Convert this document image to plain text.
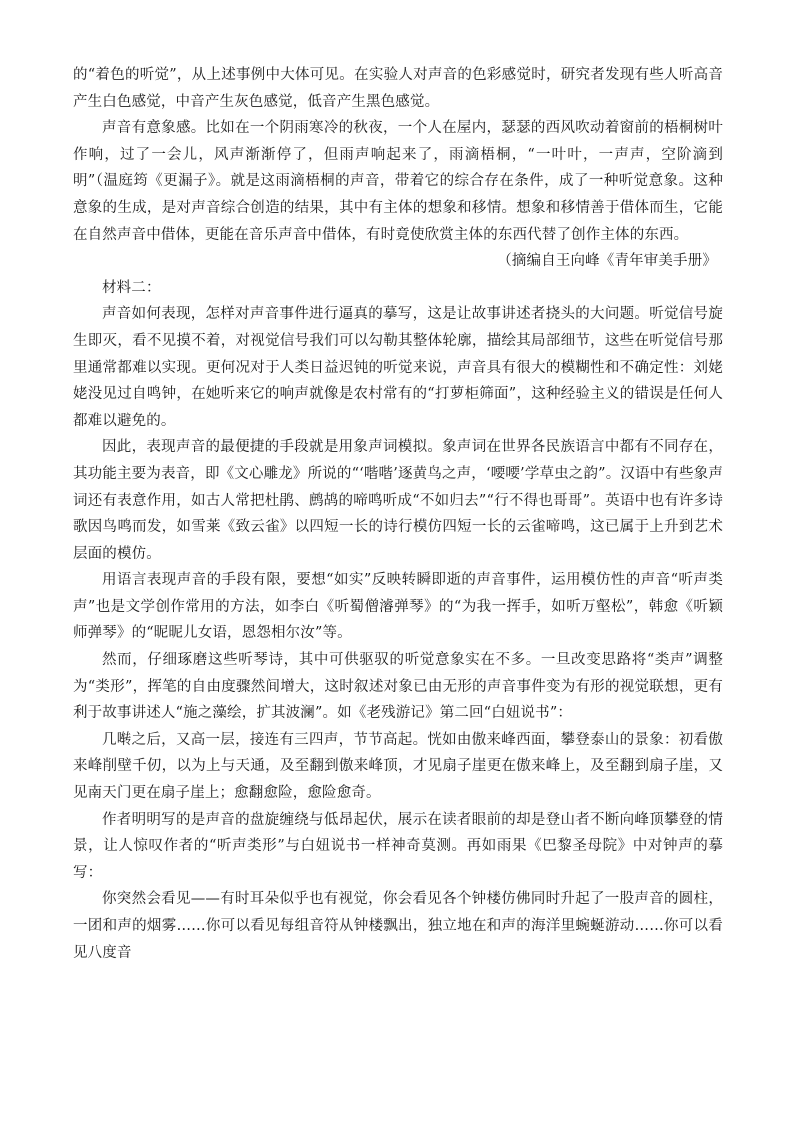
的“着色的听觉”，从上述事例中大体可见。在实验人对声音的色彩感觉时，研究者发现有些人听高音产生白色感觉，中音产生灰色感觉，低音产生黑色感觉。

声音有意象感。比如在一个阴雨寒冷的秋夜，一个人在屋内，瑟瑟的西风吹动着窗前的梧桐树叶作响，过了一会儿，风声渐渐停了，但雨声响起来了，雨滴梧桐，“一叶叶，一声声，空阶滴到明”（温庭筠《更漏子》。就是这雨滴梧桐的声音，带着它的综合存在条件，成了一种听觉意象。这种意象的生成，是对声音综合创造的结果，其中有主体的想象和移情。想象和移情善于借体而生，它能在自然声音中借体，更能在音乐声音中借体，有时竟使欣赏主体的东西代替了创作主体的东西。

（摘编自王向峰《青年审美手册》

材料二：

声音如何表现，怎样对声音事件进行逼真的摹写，这是让故事讲述者挠头的大问题。听觉信号旋生即灭，看不见摸不着，对视觉信号我们可以勾勒其整体轮廓，描绘其局部细节，这些在听觉信号那里通常都难以实现。更何况对于人类日益迟钝的听觉来说，声音具有很大的模糊性和不确定性：刘姥姥没见过自鸣钟，在她听来它的响声就像是农村常有的“打萝柜筛面”，这种经验主义的错误是任何人都难以避免的。

因此，表现声音的最便捷的手段就是用象声词模拟。象声词在世界各民族语言中都有不同存在，其功能主要为表音，即《文心雕龙》所说的“‘喈喈’逐黄鸟之声，‘喓喓’学草虫之韵”。汉语中有些象声词还有表意作用，如古人常把杜鹃、鹧鸪的啼鸣听成“不如归去”“行不得也哥哥”。英语中也有许多诗歌因鸟鸣而发，如雪莱《致云雀》以四短一长的诗行模仿四短一长的云雀啼鸣，这已属于上升到艺术层面的模仿。

用语言表现声音的手段有限，要想“如实”反映转瞬即逝的声音事件，运用模仿性的声音“听声类声”也是文学创作常用的方法，如李白《听蜀僧濬弹琴》的“为我一挥手，如听万壑松”，韩愈《听颖师弹琴》的“昵昵儿女语，恩怨相尔汝”等。

然而，仔细琢磨这些听琴诗，其中可供驱驭的听觉意象实在不多。一旦改变思路将“类声”调整为“类形”，挥笔的自由度骤然间增大，这时叙述对象已由无形的声音事件变为有形的视觉联想，更有利于故事讲述人“施之藻绘，扩其波澜”。如《老残游记》第二回“白妞说书”：

几啭之后，又高一层，接连有三四声，节节高起。恍如由傲来峰西面，攀登泰山的景象：初看傲来峰削壁千仞，以为上与天通，及至翻到傲来峰顶，才见扇子崖更在傲来峰上，及至翻到扇子崖，又见南天门更在扇子崖上；愈翻愈险，愈险愈奇。

作者明明写的是声音的盘旋缠绕与低昂起伏，展示在读者眼前的却是登山者不断向峰顶攀登的情景，让人惊叹作者的“听声类形”与白妞说书一样神奇莫测。再如雨果《巴黎圣母院》中对钟声的摹写：

你突然会看见——有时耳朵似乎也有视觉，你会看见各个钟楼仿佛同时升起了一股声音的圆柱，一团和声的烟雾……你可以看见每组音符从钟楼飘出，独立地在和声的海洋里蜿蜒游动……你可以看见八度音
